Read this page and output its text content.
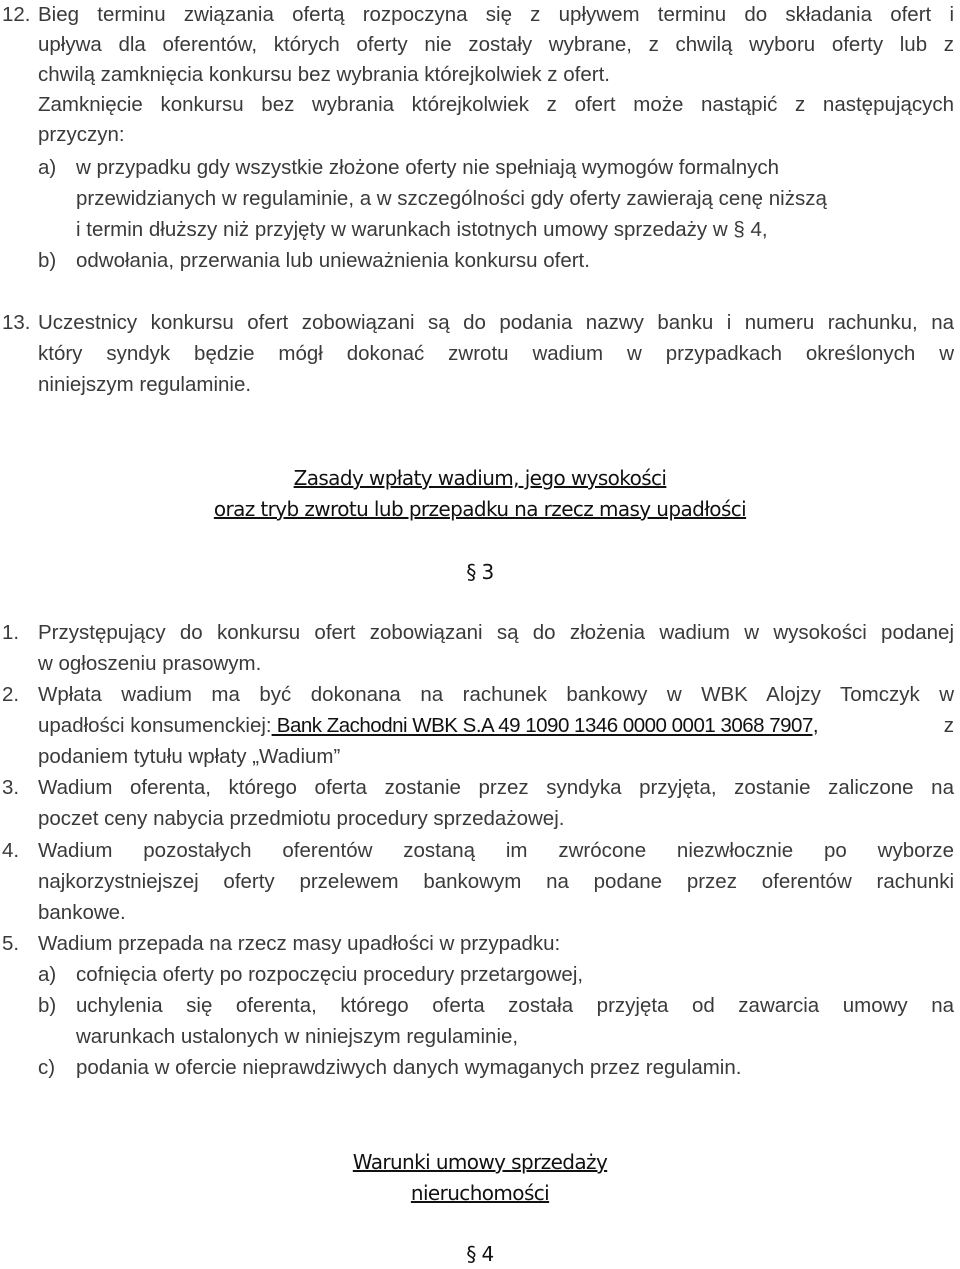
12. Bieg terminu związania ofertą rozpoczyna się z upływem terminu do składania ofert i
upływa dla oferentów, których oferty nie zostały wybrane, z chwilą wyboru oferty lub z
chwilą zamknięcia konkursu bez wybrania którejkolwiek z ofert.
Zamknięcie konkursu bez wybrania którejkolwiek z ofert może nastąpić z następujących
przyczyn:
a) w przypadku gdy wszystkie złożone oferty nie spełniają wymogów formalnych
przewidzianych w regulaminie, a w szczególności gdy oferty zawierają cenę niższą
i termin dłuższy niż przyjęty w warunkach istotnych umowy sprzedaży w § 4,
b) odwołania, przerwania lub unieważnienia konkursu ofert.
13. Uczestnicy konkursu ofert zobowiązani są do podania nazwy banku i numeru rachunku, na
który syndyk będzie mógł dokonać zwrotu wadium w przypadkach określonych w
niniejszym regulaminie.
Zasady wpłaty wadium, jego wysokości
oraz tryb zwrotu lub przepadku na rzecz masy upadłości
§ 3
1. Przystępujący do konkursu ofert zobowiązani są do złożenia wadium w wysokości podanej
w ogłoszeniu prasowym.
2. Wpłata wadium ma być dokonana na rachunek bankowy w WBK Alojzy Tomczyk w
upadłości konsumenckiej: Bank Zachodni WBK S.A 49 1090 1346 0000 0001 3068 7907,	z
podaniem tytułu wpłaty „Wadium”
3. Wadium oferenta, którego oferta zostanie przez syndyka przyjęta, zostanie zaliczone na
poczet ceny nabycia przedmiotu procedury sprzedażowej.
4. Wadium pozostałych oferentów zostaną im zwrócone niezwłocznie po wyborze
najkorzystniejszej oferty przelewem bankowym na podane przez oferentów rachunki
bankowe.
5. Wadium przepada na rzecz masy upadłości w przypadku:
a) cofnięcia oferty po rozpoczęciu procedury przetargowej,
b) uchylenia się oferenta, którego oferta została przyjęta od zawarcia umowy na
warunkach ustalonych w niniejszym regulaminie,
c) podania w ofercie nieprawdziwych danych wymaganych przez regulamin.
Warunki umowy sprzedaży
nieruchomości
§ 4
